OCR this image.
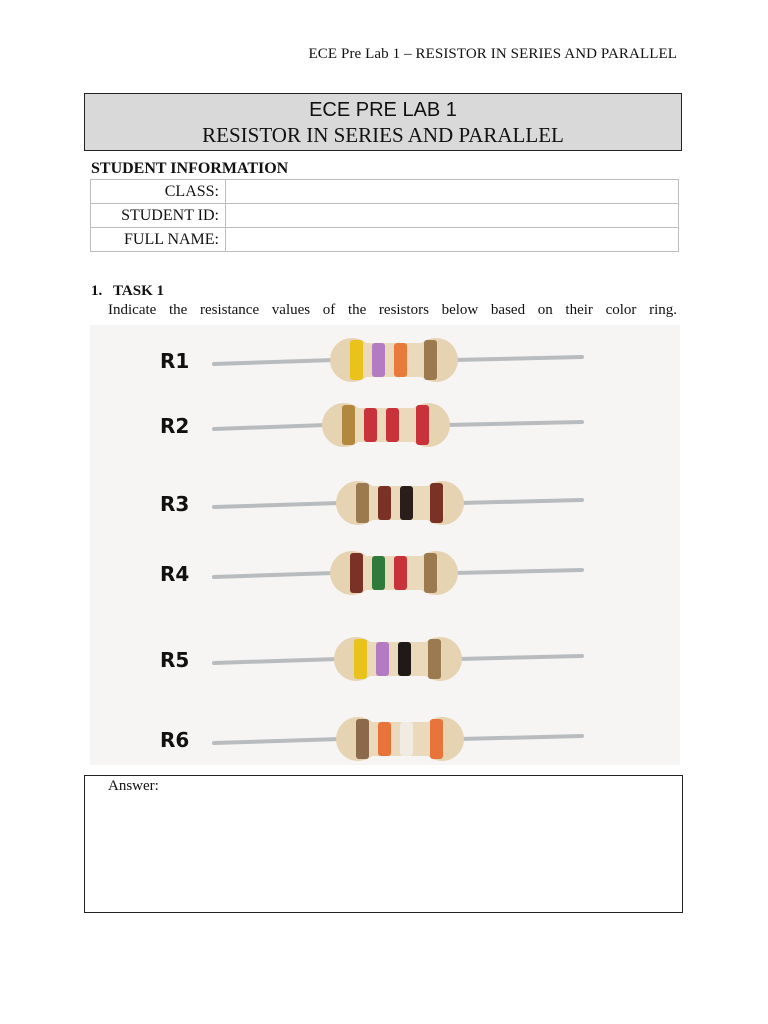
ECE Pre Lab 1 – RESISTOR IN SERIES AND PARALLEL
ECE PRE LAB 1
RESISTOR IN SERIES AND PARALLEL
STUDENT INFORMATION
CLASS:	
STUDENT ID:	
FULL NAME:	
1. TASK 1
Indicate the resistance values of the resistors below based on their color ring.
R1
R2
R3
R4
R5
R6
Answer:
